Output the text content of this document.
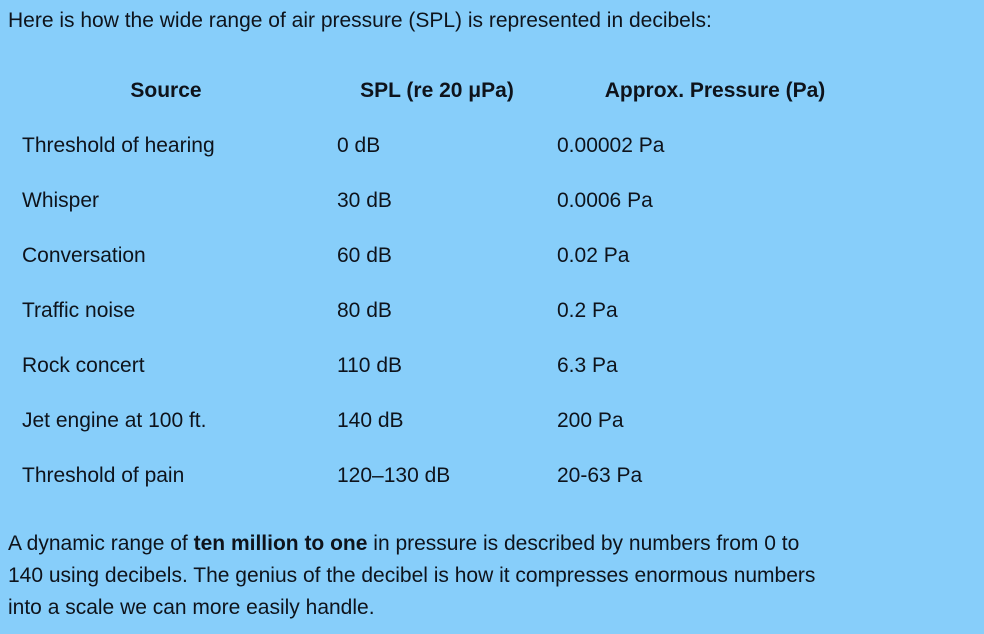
Here is how the wide range of air pressure (SPL) is represented in decibels:
Source	SPL (re 20 μPa)	Approx. Pressure (Pa)
Threshold of hearing	0 dB	0.00002 Pa
Whisper	30 dB	0.0006 Pa
Conversation	60 dB	0.02 Pa
Traffic noise	80 dB	0.2 Pa
Rock concert	110 dB	6.3 Pa
Jet engine at 100 ft.	140 dB	200 Pa
Threshold of pain	120–130 dB	20-63 Pa
A dynamic range of ten million to one in pressure is described by numbers from 0 to
140 using decibels. The genius of the decibel is how it compresses enormous numbers
into a scale we can more easily handle.
